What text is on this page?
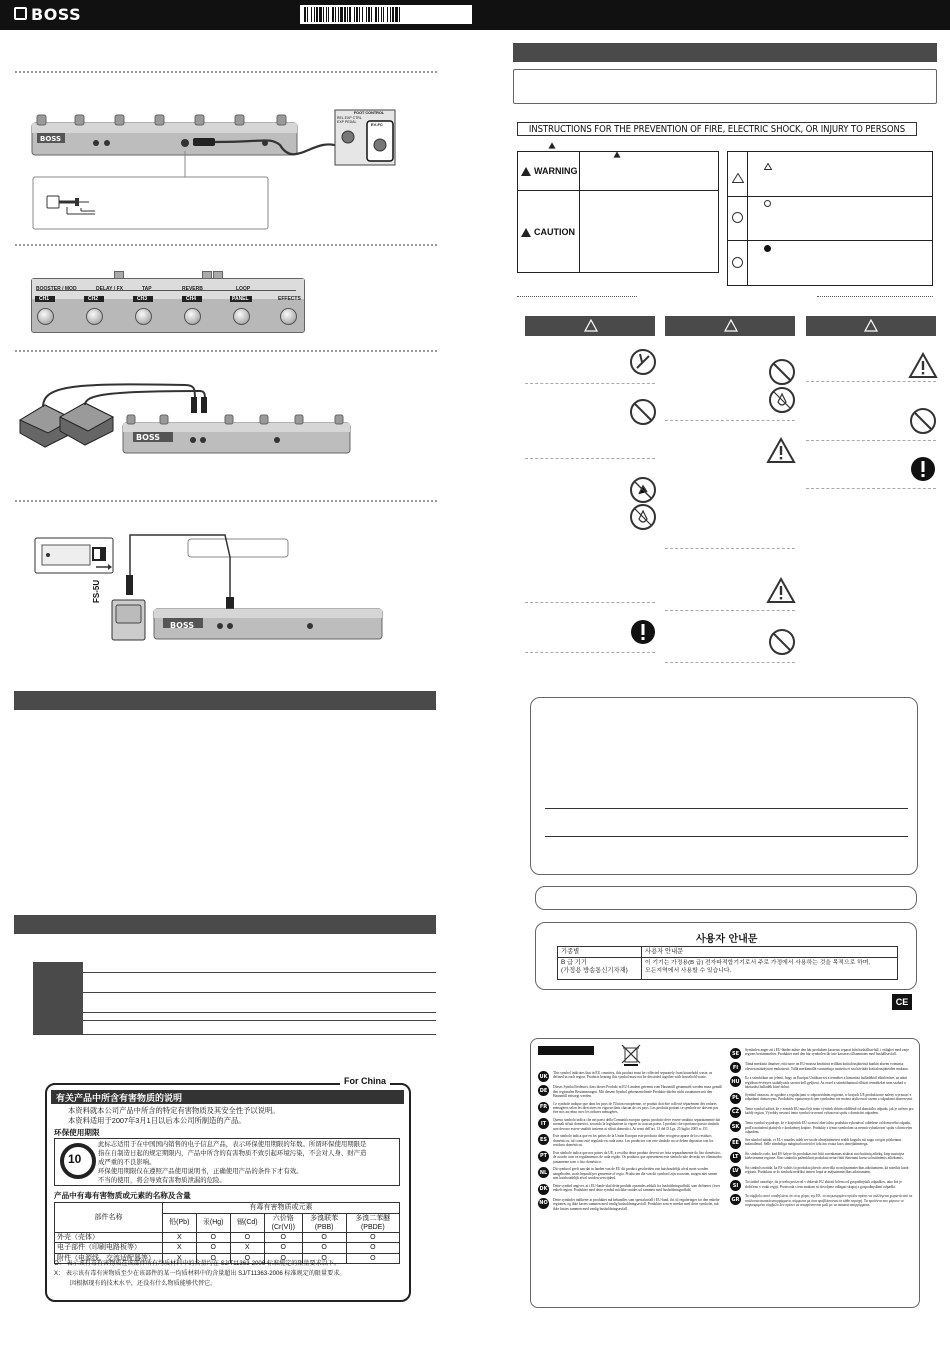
BOSS
BOSS
FOOT CONTROL
REL EXP CTRL
EXP PEDAL
EV-FC
BOOSTER / MOD	DELAY / FX	TAP	REVERB	LOOP
CH1	CH2	CH3	CH4	PANEL	EFFECTS
BOSS
FS-5U
BOSS
For China
有关产品中所含有害物质的说明
本资料就本公司产品中所含的特定有害物质及其安全性予以说明。
本资料适用于2007年3月1日以后本公司所制造的产品。
环保使用期限
10
此标志适用于在中国国内销售的电子信息产品，表示环保使用期限的年数。所谓环保使用期限是
指在自制造日起的规定期限内，产品中所含的有害物质不致引起环境污染，不会对人身、财产造
成严重的不良影响。
环保使用期限仅在遵照产品使用说明书，正确使用产品的条件下才有效。
不当的使用，将会导致有害物质泄漏的危险。
产品中有毒有害物质或元素的名称及含量
部件名称	有毒有害物质或元素					
	铅(Pb)	汞(Hg)	镉(Cd)	六价铬
(Cr(VI))	多溴联苯
(PBB)	多溴二苯醚
(PBDE)
外壳（壳体）	X	O	O	O	O	O
电子部件（印刷电路板等）	X	O	X	O	O	O
附件（电源线、交流适配器等）	X	O	O	O	O	O
O： 表示该有毒有害物质在该部件所有均质材料中的含量均在 SJ/T11363-2006 标准规定的限量要求以下。
X： 表示该有毒有害物质至少在该部件的某一均质材料中的含量超出 SJ/T11363-2006 标准规定的限量要求。
因根据现有的技术水平，还没有什么物质能够代替它。
INSTRUCTIONS FOR THE PREVENTION OF FIRE, ELECTRIC SHOCK, OR INJURY TO PERSONS
WARNING
CAUTION
사용자 안내문
기종별	사용자 안내문
B 급 기기
(가정용 방송통신기자재)	이 기기는 가정용(B 급) 전자파적합기기로서 주로 가정에서 사용하는 것을 목적으로 하며,
모든지역에서 사용할 수 있습니다.
CE
UK
This symbol indicates that in EU countries, this product must be collected separately from household waste, as defined in each region. Products bearing this symbol must not be discarded together with household waste.
DE
Dieses Symbol bedeutet, dass dieses Produkt in EU-Ländern getrennt vom Hausmüll gesammelt werden muss gemäß den regionalen Bestimmungen. Mit diesem Symbol gekennzeichnete Produkte dürfen nicht zusammen mit den Hausmüll entsorgt werden.
FR
Ce symbole indique que dans les pays de l'Union européenne, ce produit doit être collecté séparément des ordures ménagères selon les directives en vigueur dans chacun de ces pays. Les produits portant ce symbole ne doivent pas être mis au rebut avec les ordures ménagères.
IT
Questo simbolo indica che nei paesi della Comunità europea questo prodotto deve essere smaltito separatamente dai normali rifiuti domestici, secondo la legislazione in vigore in ciascun paese. I prodotti che riportano questo simbolo non devono essere smaltiti insieme ai rifiuti domestici. Ai sensi dell'art. 13 del D.Lgs. 25 luglio 2005 n. 151.
ES
Este símbolo indica que en los países de la Unión Europea este producto debe recogerse aparte de los residuos domésticos, tal como esté regulado en cada zona. Los productos con este símbolo no se deben depositar con los residuos domésticos.
PT
Este símbolo indica que nos países da UE, a recolha deste produto deverá ser feita separadamente do lixo doméstico, de acordo com os regulamentos de cada região. Os produtos que apresentem este símbolo não deverão ser eliminados juntamente com o lixo doméstico.
NL
Dit symbool geeft aan dat in landen van de EU dit product gescheiden van huishoudelijk afval moet worden aangeboden, zoals bepaald per gemeente of regio. Producten die van dit symbool zijn voorzien, mogen niet samen met huishoudelijk afval worden verwijderd.
DK
Dette symbol angiver, at i EU-lande skal dette produkt opsamles adskilt fra husholdningsaffald, som defineret i hver enkelt region. Produkter med dette symbol må ikke smides ud sammen med husholdningsaffald.
NO
Dette symbolet indikerer at produktet må behandles som spesialavfall i EU-land, iht. til reguleringer for den enkelte regionen, og ikke kastes sammen med vanlig husholdningsavfall. Produkter som er merket med dette symbolet, må ikke kastes sammen med vanlig husholdningsavfall.
SE
Symbolen anger att i EU-länder måste den här produkten kasseras separat från hushållsavfall, i enlighet med varje regions bestämmelser. Produkter med den här symbolen får inte kasseras tillsammans med hushållsavfall.
FI
Tämä merkintä ilmaisee, että tuote on EU-maissa kerättävä erillään kotitalousjätteistä kunkin alueen voimassa olevien määräysten mukaisesti. Tällä merkinnällä varustettuja tuotteita ei saa hävittää kotitalousjätteiden mukana.
HU
Ez a szimbólum azt jelenti, hogy az Európai Unióban ezt a terméket a háztartási hulladéktól elkülönítve, az adott régióban érvényes szabályozás szerint kell gyűjteni. Az ezzel a szimbólummal ellátott termékeket nem szabad a háztartási hulladék közé dobni.
PL
Symbol oznacza, że zgodnie z regulacjami w odpowiednim regionie, w krajach UE produktu nie należy wyrzucać z odpadami domowymi. Produktów opatrzonych tym symbolem nie można utylizować razem z odpadami domowymi.
CZ
Tento symbol udává, že v zemích EU musí být tento výrobek sbírán odděleně od domácího odpadu, jak je určeno pro každý region. Výrobky nesoucí tento symbol se nesmí vyhazovat spolu s domácím odpadem.
SK
Tento symbol vyjadruje, že v krajinách EÚ sa musí zber tohto produktu vykonávať oddelene od domového odpadu, podľa nariadení platných v konkrétnej krajine. Produkty s týmto symbolom sa nesmú vyhadzovať spolu s domovým odpadom.
EE
See sümbol näitab, et EL-i maades tuleb see toode olmejäätmetest eraldi koguda, nii nagu on igas piirkonnas määratletud. Selle sümboliga märgitud tooteid ei tohi ära visata koos olmejäätmetega.
LT
Šis simbolis rodo, kad ES šalyse šis produktas turi būti surenkamas atskirai nuo buitinių atliekų, kaip nustatyta kiekviename regione. Šiuo simboliu paženklinti produktai neturi būti išmetami kartu su buitinėmis atliekomis.
LV
Šis simbols norāda, ka ES valstīs šo produktu jāievāc atsevišķi no mājsaimniecības atkritumiem, kā noteikts katrā reģionā. Produktus ar šo simbolu nedrīkst izmest kopā ar mājsaimniecības atkritumiem.
SI
Ta simbol označuje, da je treba proizvod v državah EU zbirati ločeno od gospodinjskih odpadkov, tako kot je določeno v vsaki regiji. Proizvoda s tem znakom ni dovoljeno odlagati skupaj z gospodinjskimi odpadki.
GR
Το σύμβολο αυτό υποδηλώνει ότι στις χώρες της ΕΕ, το συγκεκριμένο προϊόν πρέπει να συλλέγεται χωριστά από τα υπόλοιπα οικιακά απορρίμματα, σύμφωνα με όσα προβλέπονται σε κάθε περιοχή. Τα προϊόντα που φέρουν το συγκεκριμένο σύμβολο δεν πρέπει να απορρίπτονται μαζί με τα οικιακά απορρίμματα.
